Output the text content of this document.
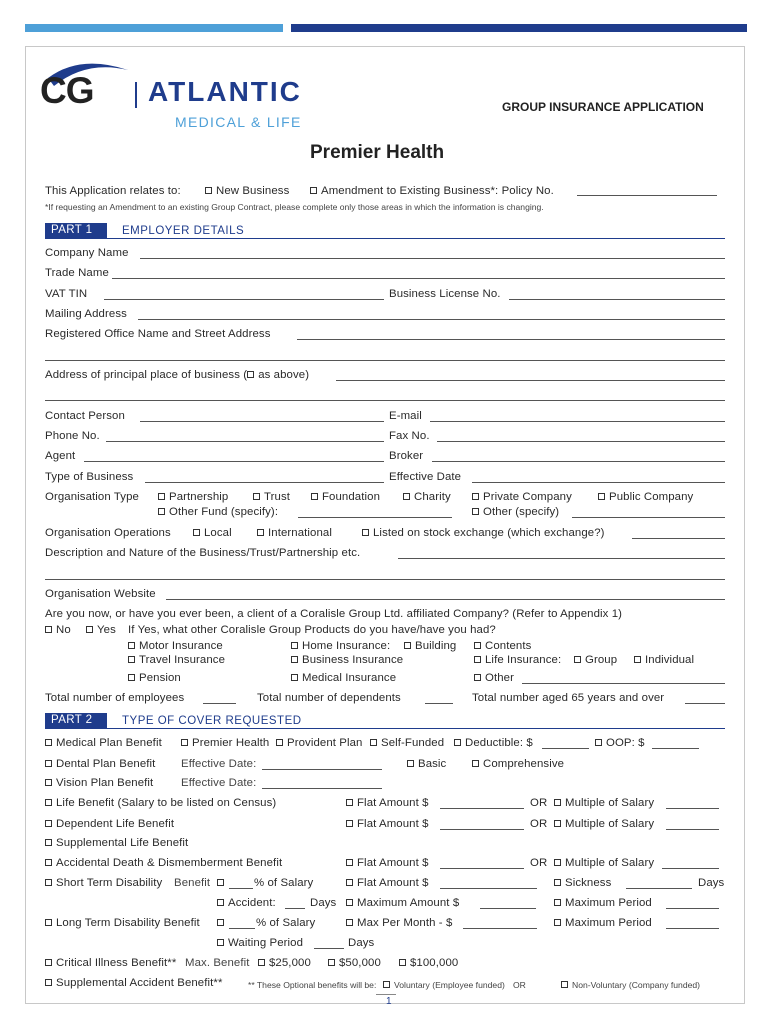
CG ATLANTIC
MEDICAL & LIFE
GROUP INSURANCE APPLICATION
Premier Health
This Application relates to:	New Business	Amendment to Existing Business*: Policy No.
*If requesting an Amendment to an existing Group Contract, please complete only those areas in which the information is changing.
PART 1	EMPLOYER DETAILS
Company Name
Trade Name
VAT TIN	Business License No.
Mailing Address
Registered Office Name and Street Address
Address of principal place of business ( as above)
Contact Person	E-mail
Phone No.	Fax No.
Agent	Broker
Type of Business	Effective Date
Organisation Type	Partnership	Trust	Foundation	Charity	Private Company	Public Company
Other Fund (specify):	Other (specify)
Organisation Operations	Local	International	Listed on stock exchange (which exchange?)
Description and Nature of the Business/Trust/Partnership etc.
Organisation Website
Are you now, or have you ever been, a client of a Coralisle Group Ltd. affiliated Company? (Refer to Appendix 1)
No	Yes If Yes, what other Coralisle Group Products do you have/have you had?
Motor Insurance	Home Insurance:	Building	Contents
Travel Insurance	Business Insurance	Life Insurance:	Group	Individual
Pension	Medical Insurance	Other
Total number of employees	Total number of dependents	Total number aged 65 years and over
PART 2	TYPE OF COVER REQUESTED
Medical Plan Benefit	Premier Health	Provident Plan	Self-Funded	Deductible: $	OOP: $
Dental Plan Benefit Effective Date:	Basic	Comprehensive
Vision Plan Benefit Effective Date:
Life Benefit (Salary to be listed on Census)	Flat Amount $	OR	Multiple of Salary
Dependent Life Benefit	Flat Amount $	OR	Multiple of Salary
Supplemental Life Benefit
Accidental Death & Dismemberment Benefit	Flat Amount $	OR	Multiple of Salary
Short Term Disability Benefit	% of Salary	Flat Amount $	Sickness	Days
Accident:	Days	Maximum Amount $	Maximum Period
Long Term Disability Benefit	% of Salary	Max Per Month - $	Maximum Period
Waiting Period	Days
Critical Illness Benefit** Max. Benefit	$25,000	$50,000	$100,000
Supplemental Accident Benefit**	** These Optional benefits will be:	Voluntary (Employee funded) OR	Non-Voluntary (Company funded)
1
